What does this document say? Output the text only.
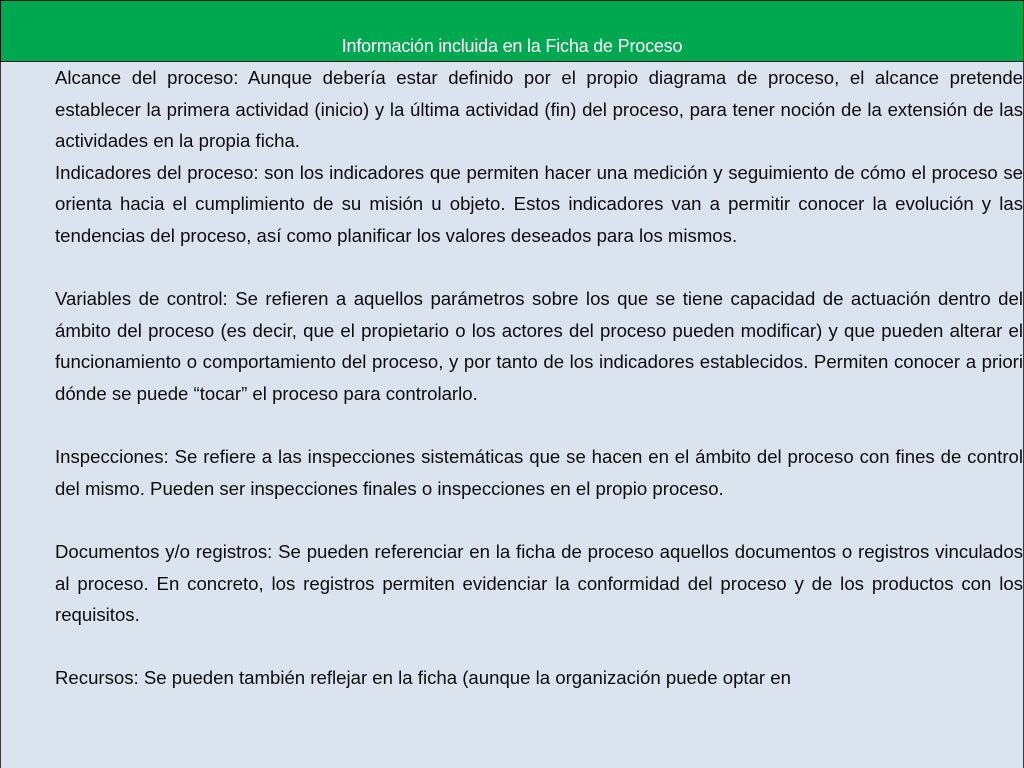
Información incluida en la Ficha de Proceso

Alcance del proceso: Aunque debería estar definido por el propio diagrama de proceso, el alcance pretende establecer la primera actividad (inicio) y la última actividad (fin) del proceso, para tener noción de la extensión de las actividades en la propia ficha.

Indicadores del proceso: son los indicadores que permiten hacer una medición y seguimiento de cómo el proceso se orienta hacia el cumplimiento de su misión u objeto. Estos indicadores van a permitir conocer la evolución y las tendencias del proceso, así como planificar los valores deseados para los mismos.

Variables de control: Se refieren a aquellos parámetros sobre los que se tiene capacidad de actuación dentro del ámbito del proceso (es decir, que el propietario o los actores del proceso pueden modificar) y que pueden alterar el funcionamiento o comportamiento del proceso, y por tanto de los indicadores establecidos. Permiten conocer a priori dónde se puede “tocar” el proceso para controlarlo.

Inspecciones: Se refiere a las inspecciones sistemáticas que se hacen en el ámbito del proceso con fines de control del mismo. Pueden ser inspecciones finales o inspecciones en el propio proceso.

Documentos y/o registros: Se pueden referenciar en la ficha de proceso aquellos documentos o registros vinculados al proceso. En concreto, los registros permiten evidenciar la conformidad del proceso y de los productos con los requisitos.

Recursos: Se pueden también reflejar en la ficha (aunque la organización puede optar en
